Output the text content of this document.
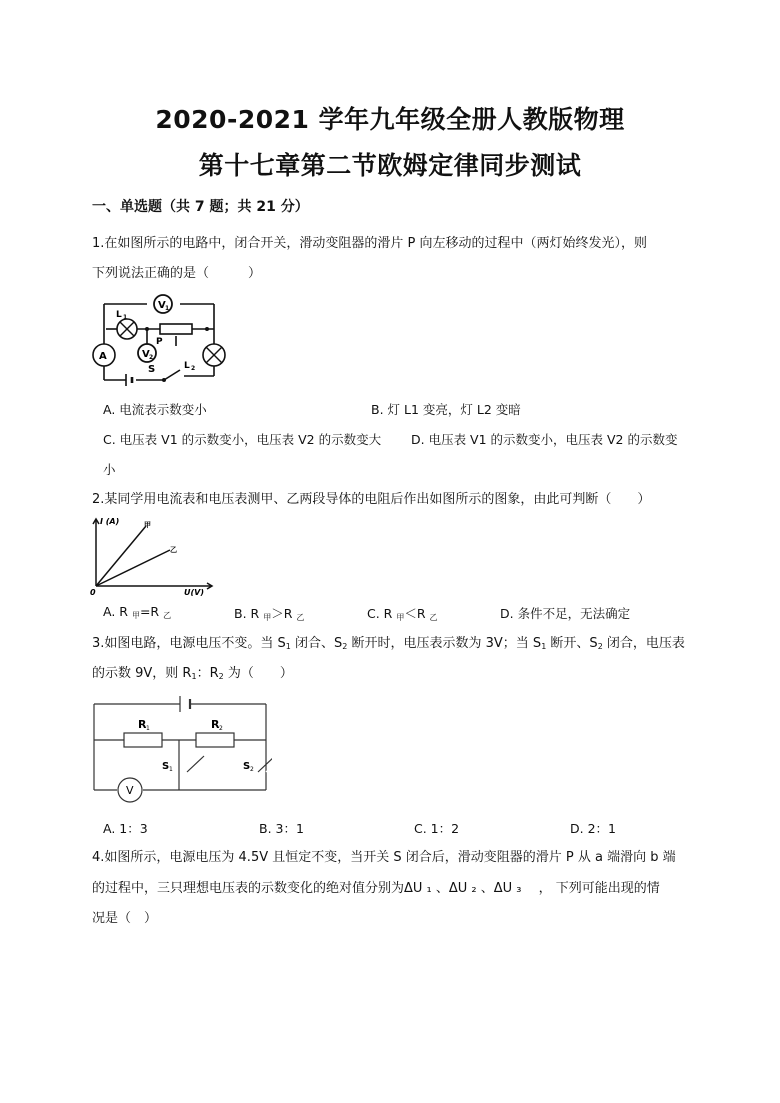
2020-2021 学年九年级全册人教版物理
第十七章第二节欧姆定律同步测试
一、单选题（共 7 题；共 21 分）
1.在如图所示的电路中，闭合开关，滑动变阻器的滑片 P 向左移动的过程中（两灯始终发光），则
下列说法正确的是（　　　）
V 1
L 1
A	V 2
L 2
P
S
A. 电流表示数变小	B. 灯 L1 变亮，灯 L2 变暗
C. 电压表 V1 的示数变小，电压表 V2 的示数变大 D. 电压表 V1 的示数变小，电压表 V2 的示数变
小
2.某同学用电流表和电压表测甲、乙两段导体的电阻后作出如图所示的图象，由此可判断（　　）
I (A)
U(V)
0
甲
乙
A. R $_甲$=R $_乙$	B. R $_甲$＞R $_乙$	C. R $_甲$＜R $_乙$	D. 条件不足，无法确定
3.如图电路，电源电压不变。当 $S_1$ 闭合、$S_2$ 断开时，电压表示数为 3V；当 $S_1$ 断开、$S_2$ 闭合，电压表
的示数 9V，则 $R_1$：$R_2$ 为（　　）
V
R 1	R 2
S 1	S 2
A. 1：3	B. 3：1	C. 1：2	D. 2：1
4.如图所示，电源电压为 4.5V 且恒定不变，当开关 S 闭合后，滑动变阻器的滑片 P 从 a 端滑向 b 端
的过程中，三只理想电压表的示数变化的绝对值分别为ΔU ₁ 、ΔU ₂ 、ΔU ₃　 ， 下列可能出现的情
况是（　）
